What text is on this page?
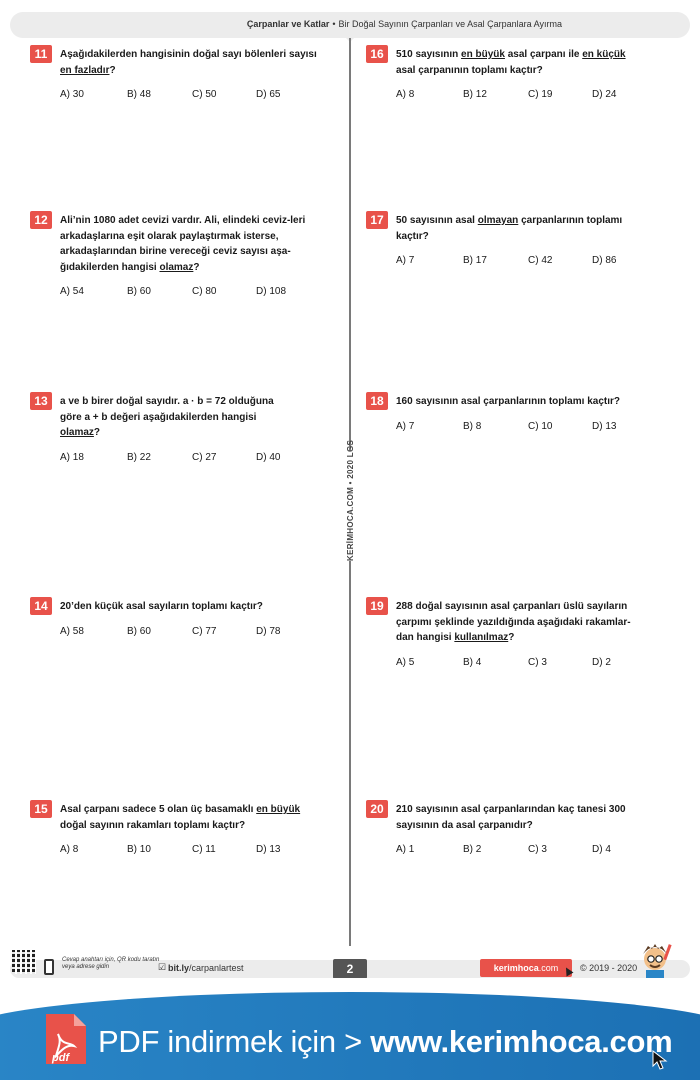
Çarpanlar ve Katlar • Bir Doğal Sayının Çarpanları ve Asal Çarpanlara Ayırma
KERİMHOCA.COM • 2020 LGS
11	Aşağıdakilerden hangisinin doğal sayı bölenleri sayısı en fazladır?
A) 30	B) 48	C) 50	D) 65
12	Ali’nin 1080 adet cevizi vardır. Ali, elindeki ceviz-leri arkadaşlarına eşit olarak paylaştırmak isterse, arkadaşlarından birine vereceği ceviz sayısı aşa-ğıdakilerden hangisi olamaz?
A) 54	B) 60	C) 80	D) 108
13	a ve b birer doğal sayıdır. a · b = 72 olduğuna göre a + b değeri aşağıdakilerden hangisi olamaz?
A) 18	B) 22	C) 27	D) 40
14	20’den küçük asal sayıların toplamı kaçtır?
A) 58	B) 60	C) 77	D) 78
15	Asal çarpanı sadece 5 olan üç basamaklı en büyük doğal sayının rakamları toplamı kaçtır?
A) 8	B) 10	C) 11	D) 13
16	510 sayısının en büyük asal çarpanı ile en küçük asal çarpanının toplamı kaçtır?
A) 8	B) 12	C) 19	D) 24
17	50 sayısının asal olmayan çarpanlarının toplamı kaçtır?
A) 7	B) 17	C) 42	D) 86
18	160 sayısının asal çarpanlarının toplamı kaçtır?
A) 7	B) 8	C) 10	D) 13
19	288 doğal sayısının asal çarpanları üslü sayıların çarpımı şeklinde yazıldığında aşağıdaki rakamlar-dan hangisi kullanılmaz?
A) 5	B) 4	C) 3	D) 2
20	210 sayısının asal çarpanlarından kaç tanesi 300 sayısının da asal çarpanıdır?
A) 1	B) 2	C) 3	D) 4
Cevap anahtarı için, QR kodu taratın veya adrese gidin	☑ bit.ly/carpanlartest	2	kerimhoca.com	© 2019 - 2020
pdf PDF indirmek için > www.kerimhoca.com
